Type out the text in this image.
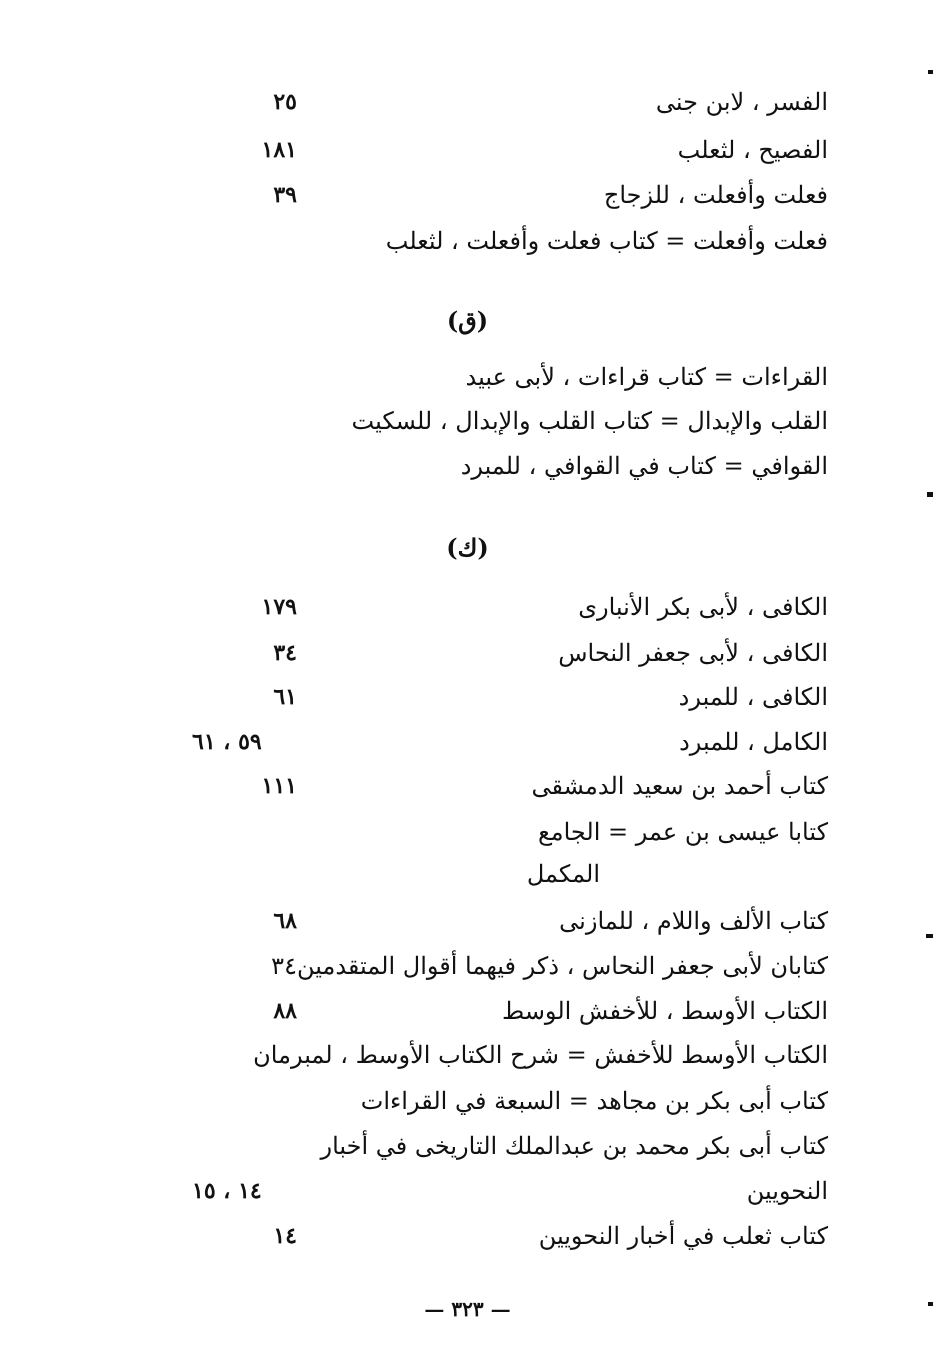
الفسر ، لابن جنى
٢٥
الفصيح ، لثعلب
١٨١
فعلت وأفعلت ، للزجاج
٣٩
فعلت وأفعلت = كتاب فعلت وأفعلت ، لثعلب
(ق)
القراءات = كتاب قراءات ، لأبى عبيد
القلب والإبدال = كتاب القلب والإبدال ، للسكيت
القوافي = كتاب في القوافي ، للمبرد
(ك)
الكافى ، لأبى بكر الأنبارى
١٧٩
الكافى ، لأبى جعفر النحاس
٣٤
الكافى ، للمبرد
٦١
الكامل ، للمبرد
٥٩ ، ٦١
كتاب أحمد بن سعيد الدمشقى
١١١
كتابا عيسى بن عمر = الجامع
المكمل
كتاب الألف واللام ، للمازنى
٦٨
كتابان لأبى جعفر النحاس ، ذكر فيهما أقوال المتقدمين٣٤
الكتاب الأوسط ، للأخفش الوسط
٨٨
الكتاب الأوسط للأخفش = شرح الكتاب الأوسط ، لمبرمان
كتاب أبى بكر بن مجاهد = السبعة في القراءات
كتاب أبى بكر محمد بن عبدالملك التاريخى في أخبار
النحويين
١٤ ، ١٥
كتاب ثعلب في أخبار النحويين
١٤
— ٣٢٣ —
